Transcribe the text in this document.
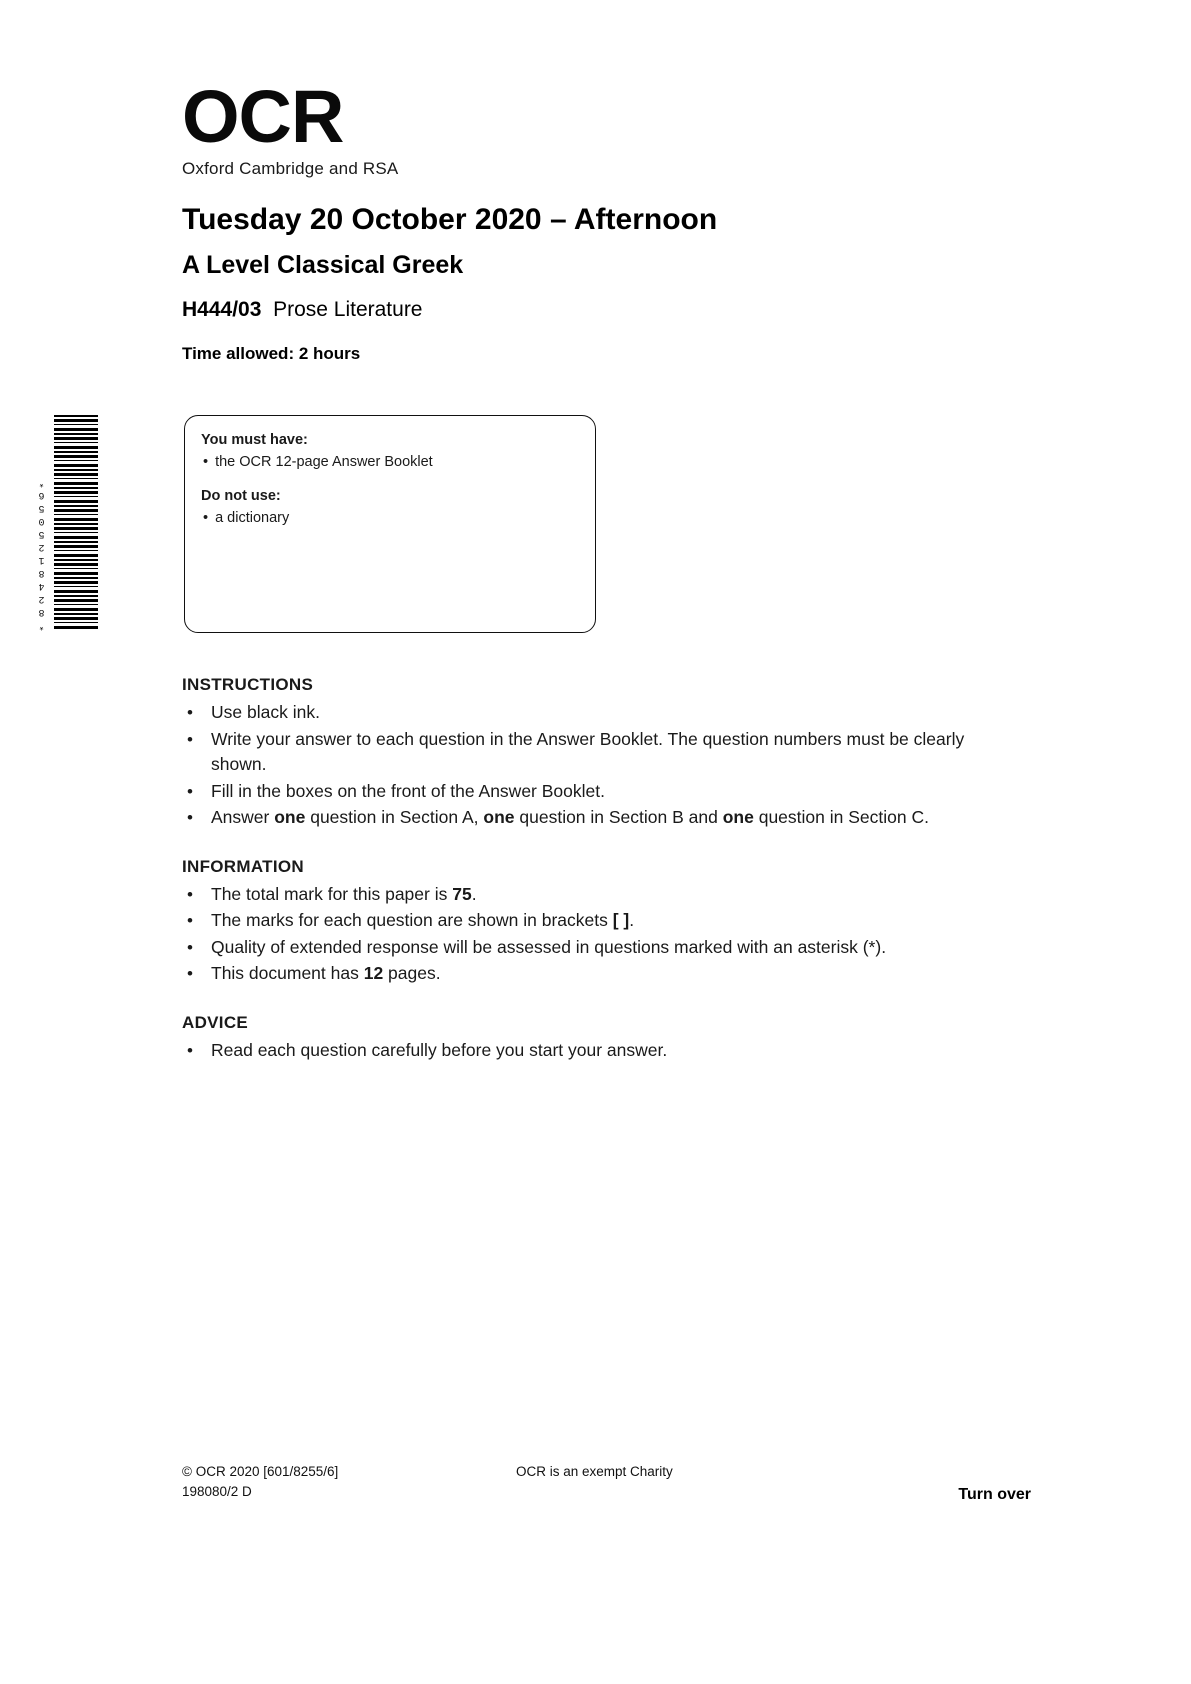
*8248125056*
OCR
Oxford Cambridge and RSA
Tuesday 20 October 2020 – Afternoon
A Level Classical Greek
H444/03 Prose Literature
Time allowed: 2 hours

You must have:

• the OCR 12-page Answer Booklet

Do not use:

• a dictionary

INSTRUCTIONS
• Use black ink.
• Write your answer to each question in the Answer Booklet. The question numbers must be clearly shown.
• Fill in the boxes on the front of the Answer Booklet.
• Answer one question in Section A, one question in Section B and one question in Section C.
INFORMATION
• The total mark for this paper is 75.
• The marks for each question are shown in brackets [ ].
• Quality of extended response will be assessed in questions marked with an asterisk (*).
• This document has 12 pages.
ADVICE
• Read each question carefully before you start your answer.
© OCR 2020 [601/8255/6]
198080/2 D
OCR is an exempt Charity
Turn over
